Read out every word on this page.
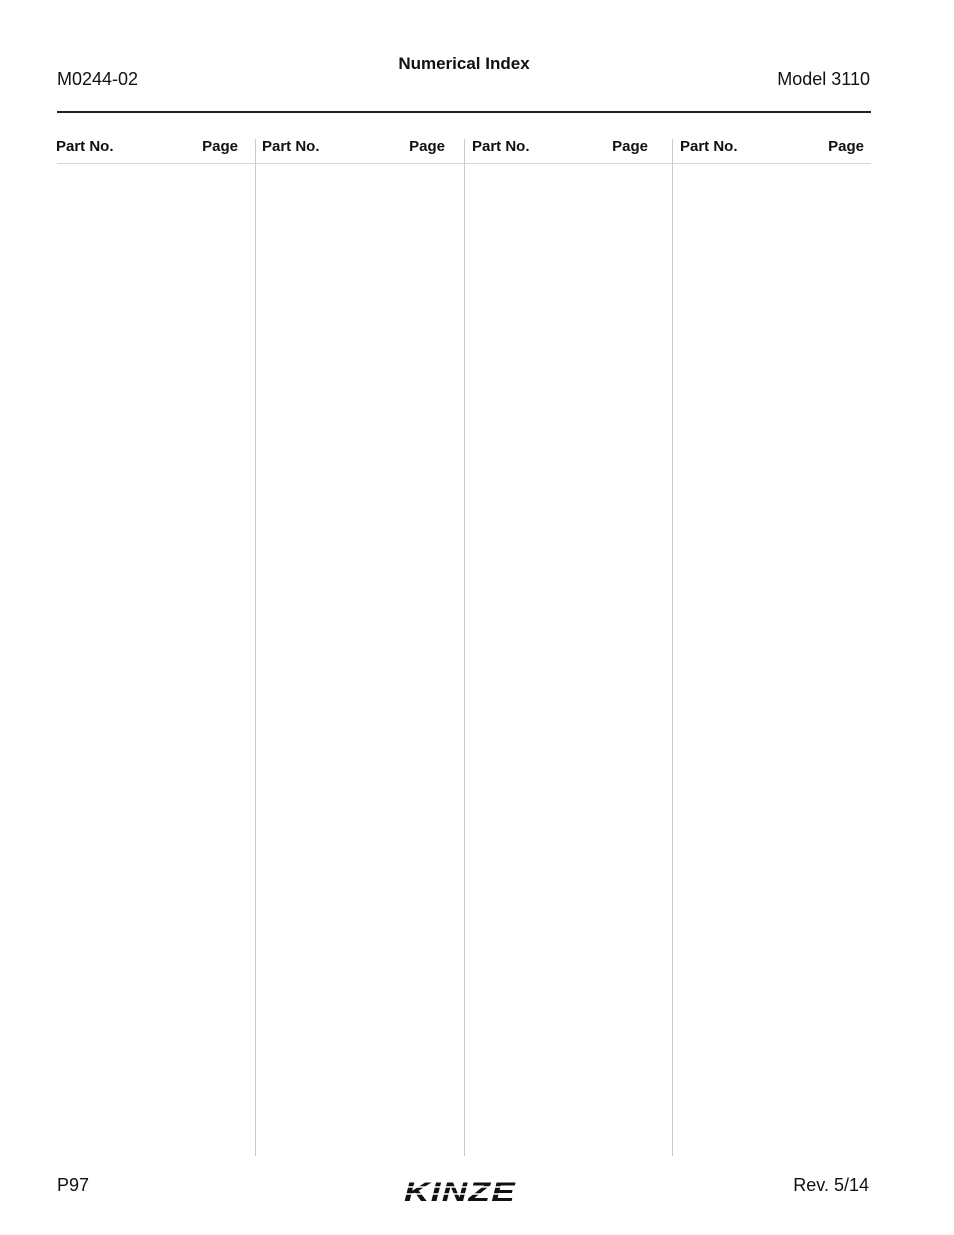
M0244-02
Numerical Index
Model 3110
Part No.	Page Part No.	Page Part No.	Page Part No.	Page
P97	KINZE	Rev. 5/14
